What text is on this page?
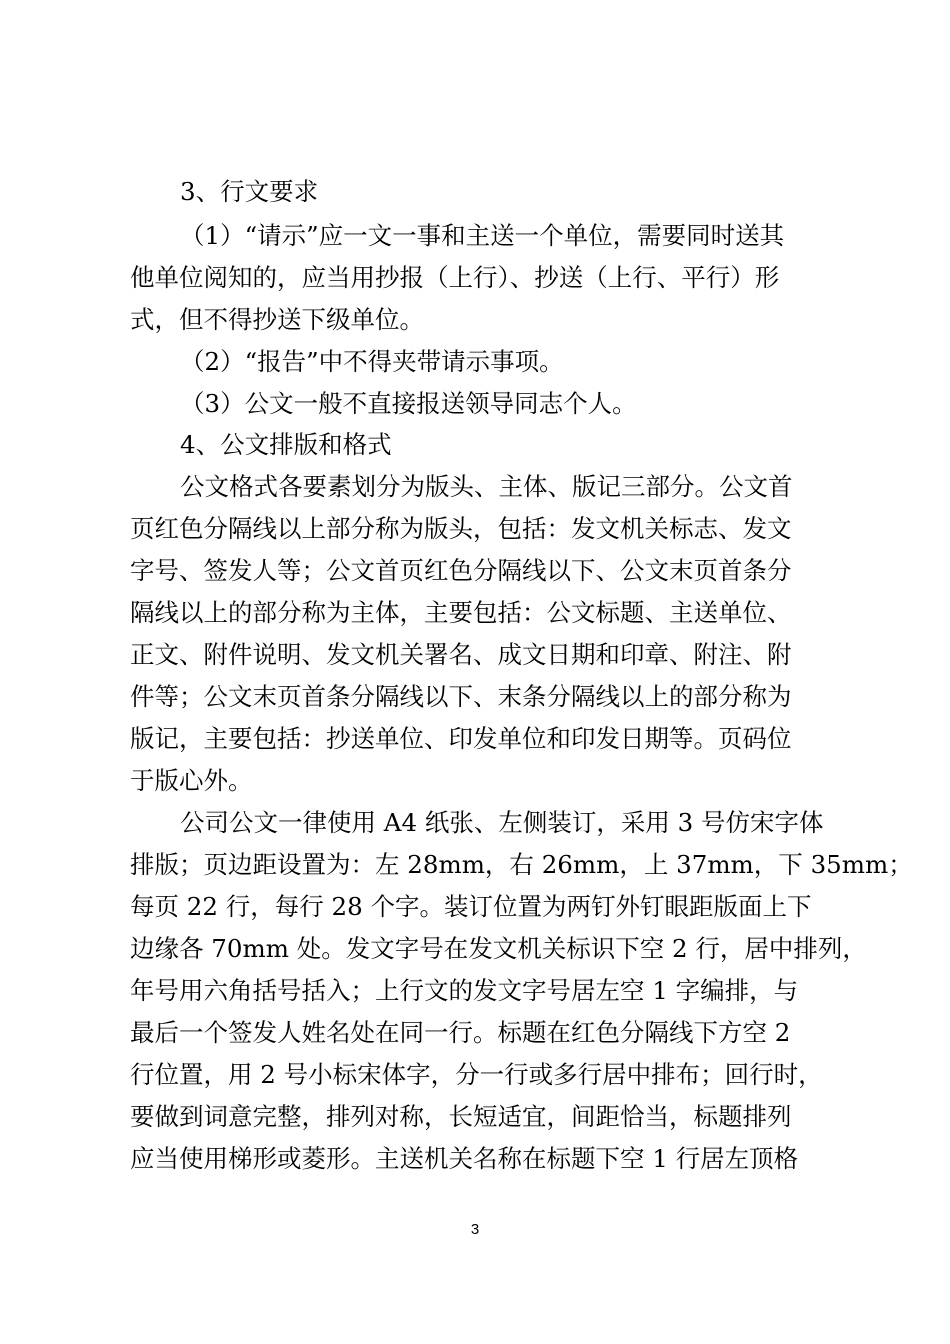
3、行文要求
（1）“请示”应一文一事和主送一个单位，需要同时送其
他单位阅知的，应当用抄报（上行）、抄送（上行、平行）形
式，但不得抄送下级单位。
（2）“报告”中不得夹带请示事项。
（3）公文一般不直接报送领导同志个人。
4、公文排版和格式
公文格式各要素划分为版头、主体、版记三部分。公文首
页红色分隔线以上部分称为版头，包括：发文机关标志、发文
字号、签发人等；公文首页红色分隔线以下、公文末页首条分
隔线以上的部分称为主体，主要包括：公文标题、主送单位、
正文、附件说明、发文机关署名、成文日期和印章、附注、附
件等；公文末页首条分隔线以下、末条分隔线以上的部分称为
版记，主要包括：抄送单位、印发单位和印发日期等。页码位
于版心外。
公司公文一律使用 A4 纸张、左侧装订，采用 3 号仿宋字体
排版；页边距设置为：左 28mm，右 26mm，上 37mm，下 35mm；
每页 22 行，每行 28 个字。装订位置为两钉外钉眼距版面上下
边缘各 70mm 处。发文字号在发文机关标识下空 2 行，居中排列，
年号用六角括号括入；上行文的发文字号居左空 1 字编排，与
最后一个签发人姓名处在同一行。标题在红色分隔线下方空 2
行位置，用 2 号小标宋体字，分一行或多行居中排布；回行时，
要做到词意完整，排列对称，长短适宜，间距恰当，标题排列
应当使用梯形或菱形。主送机关名称在标题下空 1 行居左顶格
3
